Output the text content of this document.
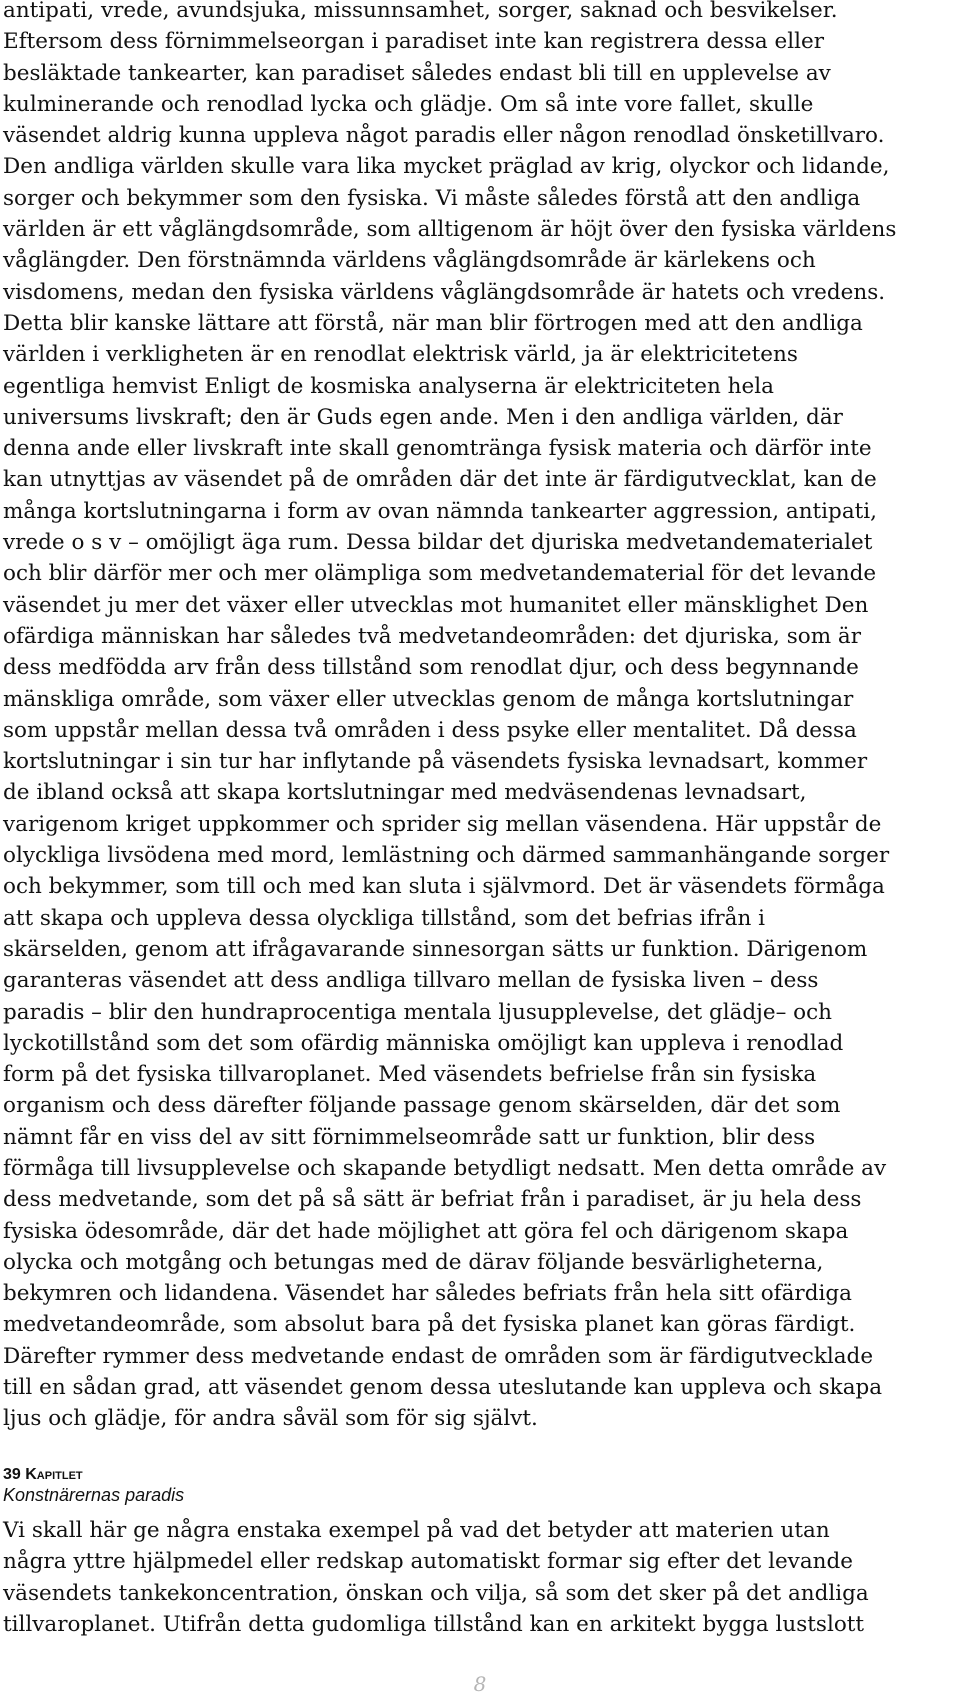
antipati, vrede, avundsjuka, missunnsamhet, sorger, saknad och besvikelser.
Eftersom dess förnimmelseorgan i paradiset inte kan registrera dessa eller
besläktade tankearter, kan paradiset således endast bli till en upplevelse av
kulminerande och renodlad lycka och glädje. Om så inte vore fallet, skulle
väsendet aldrig kunna uppleva något paradis eller någon renodlad önsketillvaro.
Den andliga världen skulle vara lika mycket präglad av krig, olyckor och lidande,
sorger och bekymmer som den fysiska. Vi måste således förstå att den andliga
världen är ett våglängdsområde, som alltigenom är höjt över den fysiska världens
våglängder. Den förstnämnda världens våglängdsområde är kärlekens och
visdomens, medan den fysiska världens våglängdsområde är hatets och vredens.
Detta blir kanske lättare att förstå, när man blir förtrogen med att den andliga
världen i verkligheten är en renodlat elektrisk värld, ja är elektricitetens
egentliga hemvist Enligt de kosmiska analyserna är elektriciteten hela
universums livskraft; den är Guds egen ande. Men i den andliga världen, där
denna ande eller livskraft inte skall genomtränga fysisk materia och därför inte
kan utnyttjas av väsendet på de områden där det inte är färdigutvecklat, kan de
många kortslutningarna i form av ovan nämnda tankearter aggression, antipati,
vrede o s v – omöjligt äga rum. Dessa bildar det djuriska medvetandematerialet
och blir därför mer och mer olämpliga som medvetandematerial för det levande
väsendet ju mer det växer eller utvecklas mot humanitet eller mänsklighet Den
ofärdiga människan har således två medvetandeområden: det djuriska, som är
dess medfödda arv från dess tillstånd som renodlat djur, och dess begynnande
mänskliga område, som växer eller utvecklas genom de många kortslutningar
som uppstår mellan dessa två områden i dess psyke eller mentalitet. Då dessa
kortslutningar i sin tur har inflytande på väsendets fysiska levnadsart, kommer
de ibland också att skapa kortslutningar med medväsendenas levnadsart,
varigenom kriget uppkommer och sprider sig mellan väsendena. Här uppstår de
olyckliga livsödena med mord, lemlästning och därmed sammanhängande sorger
och bekymmer, som till och med kan sluta i självmord. Det är väsendets förmåga
att skapa och uppleva dessa olyckliga tillstånd, som det befrias ifrån i
skärselden, genom att ifrågavarande sinnesorgan sätts ur funktion. Därigenom
garanteras väsendet att dess andliga tillvaro mellan de fysiska liven – dess
paradis – blir den hundraprocentiga mentala ljusupplevelse, det glädje– och
lyckotillstånd som det som ofärdig människa omöjligt kan uppleva i renodlad
form på det fysiska tillvaroplanet. Med väsendets befrielse från sin fysiska
organism och dess därefter följande passage genom skärselden, där det som
nämnt får en viss del av sitt förnimmelseområde satt ur funktion, blir dess
förmåga till livsupplevelse och skapande betydligt nedsatt. Men detta område av
dess medvetande, som det på så sätt är befriat från i paradiset, är ju hela dess
fysiska ödesområde, där det hade möjlighet att göra fel och därigenom skapa
olycka och motgång och betungas med de därav följande besvärligheterna,
bekymren och lidandena. Väsendet har således befriats från hela sitt ofärdiga
medvetandeområde, som absolut bara på det fysiska planet kan göras färdigt.
Därefter rymmer dess medvetande endast de områden som är färdigutvecklade
till en sådan grad, att väsendet genom dessa uteslutande kan uppleva och skapa
ljus och glädje, för andra såväl som för sig självt.
39 Kapitlet
Konstnärernas paradis
Vi skall här ge några enstaka exempel på vad det betyder att materien utan
några yttre hjälpmedel eller redskap automatiskt formar sig efter det levande
väsendets tankekoncentration, önskan och vilja, så som det sker på det andliga
tillvaroplanet. Utifrån detta gudomliga tillstånd kan en arkitekt bygga lustslott
8
